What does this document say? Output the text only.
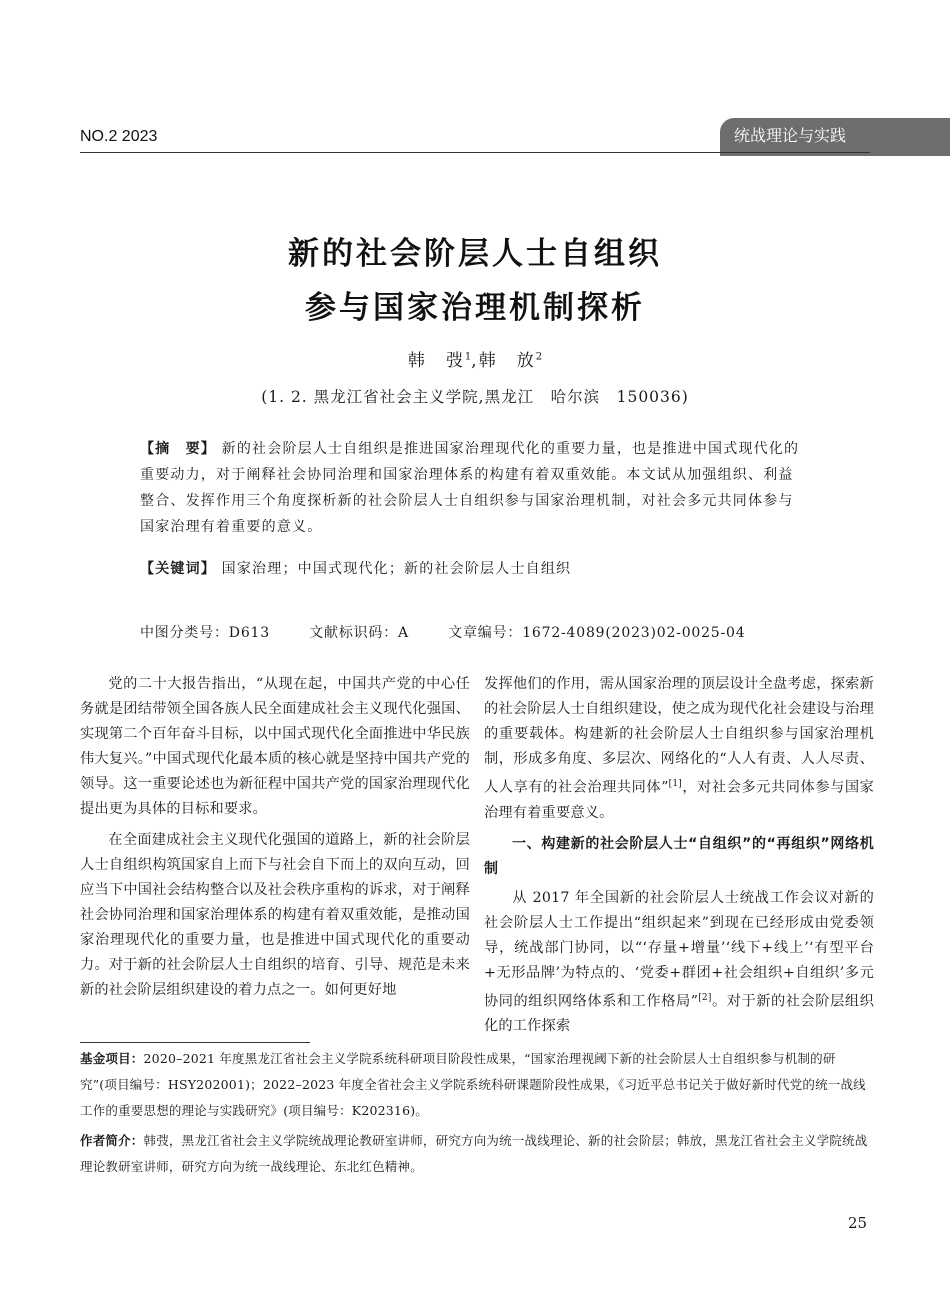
NO.2 2023	统战理论与实践
新的社会阶层人士自组织
参与国家治理机制探析
韩　弢$^1$,韩　放$^2$
(1. 2. 黑龙江省社会主义学院,黑龙江　哈尔滨　150036)
【摘　要】 新的社会阶层人士自组织是推进国家治理现代化的重要力量，也是推进中国式现代化的重要动力，对于阐释社会协同治理和国家治理体系的构建有着双重效能。本文试从加强组织、利益整合、发挥作用三个角度探析新的社会阶层人士自组织参与国家治理机制，对社会多元共同体参与国家治理有着重要的意义。
【关键词】 国家治理；中国式现代化；新的社会阶层人士自组织
中图分类号：D613	文献标识码：A	文章编号：1672-4089(2023)02-0025-04

党的二十大报告指出，“从现在起，中国共产党的中心任务就是团结带领全国各族人民全面建成社会主义现代化强国、实现第二个百年奋斗目标，以中国式现代化全面推进中华民族伟大复兴。”中国式现代化最本质的核心就是坚持中国共产党的领导。这一重要论述也为新征程中国共产党的国家治理现代化提出更为具体的目标和要求。

在全面建成社会主义现代化强国的道路上，新的社会阶层人士自组织构筑国家自上而下与社会自下而上的双向互动，回应当下中国社会结构整合以及社会秩序重构的诉求，对于阐释社会协同治理和国家治理体系的构建有着双重效能，是推动国家治理现代化的重要力量，也是推进中国式现代化的重要动力。对于新的社会阶层人士自组织的培育、引导、规范是未来新的社会阶层组织建设的着力点之一。如何更好地

发挥他们的作用，需从国家治理的顶层设计全盘考虑，探索新的社会阶层人士自组织建设，使之成为现代化社会建设与治理的重要载体。构建新的社会阶层人士自组织参与国家治理机制，形成多角度、多层次、网络化的“人人有责、人人尽责、人人享有的社会治理共同体”[1]，对社会多元共同体参与国家治理有着重要意义。

一、构建新的社会阶层人士“自组织”的“再组织”网络机制

从 2017 年全国新的社会阶层人士统战工作会议对新的社会阶层人士工作提出“组织起来”到现在已经形成由党委领导，统战部门协同，以“‘存量+增量’‘线下+线上’‘有型平台+无形品牌’为特点的、‘党委+群团+社会组织+自组织’多元协同的组织网络体系和工作格局”[2]。对于新的社会阶层组织化的工作探索

基金项目：2020–2021 年度黑龙江省社会主义学院系统科研项目阶段性成果，“国家治理视阈下新的社会阶层人士自组织参与机制的研究”(项目编号：HSY202001)；2022–2023 年度全省社会主义学院系统科研课题阶段性成果，《习近平总书记关于做好新时代党的统一战线工作的重要思想的理论与实践研究》(项目编号：K202316)。
作者简介：韩弢，黑龙江省社会主义学院统战理论教研室讲师，研究方向为统一战线理论、新的社会阶层；韩放，黑龙江省社会主义学院统战理论教研室讲师，研究方向为统一战线理论、东北红色精神。
25
